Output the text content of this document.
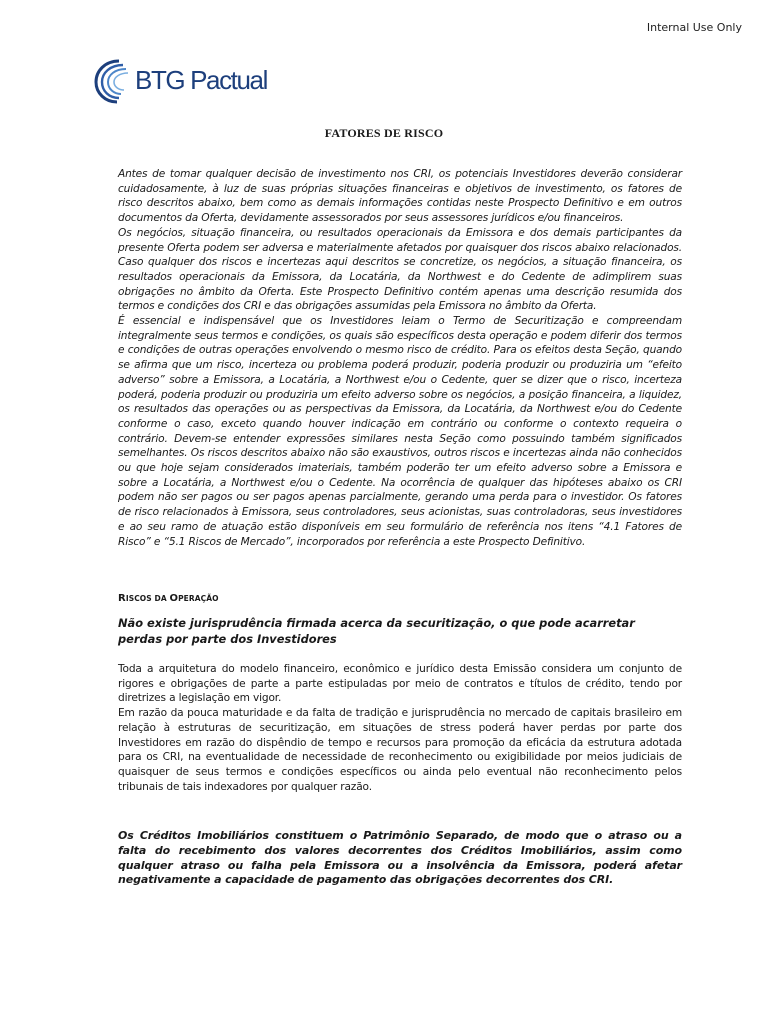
Internal Use Only
BTG Pactual
FATORES DE RISCO

Antes de tomar qualquer decisão de investimento nos CRI, os potenciais Investidores deverão considerar cuidadosamente, à luz de suas próprias situações financeiras e objetivos de investimento, os fatores de risco descritos abaixo, bem como as demais informações contidas neste Prospecto Definitivo e em outros documentos da Oferta, devidamente assessorados por seus assessores jurídicos e/ou financeiros.

Os negócios, situação financeira, ou resultados operacionais da Emissora e dos demais participantes da presente Oferta podem ser adversa e materialmente afetados por quaisquer dos riscos abaixo relacionados. Caso qualquer dos riscos e incertezas aqui descritos se concretize, os negócios, a situação financeira, os resultados operacionais da Emissora, da Locatária, da Northwest e do Cedente de adimplirem suas obrigações no âmbito da Oferta. Este Prospecto Definitivo contém apenas uma descrição resumida dos termos e condições dos CRI e das obrigações assumidas pela Emissora no âmbito da Oferta.

É essencial e indispensável que os Investidores leiam o Termo de Securitização e compreendam integralmente seus termos e condições, os quais são específicos desta operação e podem diferir dos termos e condições de outras operações envolvendo o mesmo risco de crédito. Para os efeitos desta Seção, quando se afirma que um risco, incerteza ou problema poderá produzir, poderia produzir ou produziria um “efeito adverso” sobre a Emissora, a Locatária, a Northwest e/ou o Cedente, quer se dizer que o risco, incerteza poderá, poderia produzir ou produziria um efeito adverso sobre os negócios, a posição financeira, a liquidez, os resultados das operações ou as perspectivas da Emissora, da Locatária, da Northwest e/ou do Cedente conforme o caso, exceto quando houver indicação em contrário ou conforme o contexto requeira o contrário. Devem-se entender expressões similares nesta Seção como possuindo também significados semelhantes. Os riscos descritos abaixo não são exaustivos, outros riscos e incertezas ainda não conhecidos ou que hoje sejam considerados imateriais, também poderão ter um efeito adverso sobre a Emissora e sobre a Locatária, a Northwest e/ou o Cedente. Na ocorrência de qualquer das hipóteses abaixo os CRI podem não ser pagos ou ser pagos apenas parcialmente, gerando uma perda para o investidor. Os fatores de risco relacionados à Emissora, seus controladores, seus acionistas, suas controladoras, seus investidores e ao seu ramo de atuação estão disponíveis em seu formulário de referência nos itens “4.1 Fatores de Risco” e “5.1 Riscos de Mercado”, incorporados por referência a este Prospecto Definitivo.

RISCOS DA OPERAÇÃO
Não existe jurisprudência firmada acerca da securitização, o que pode acarretar perdas por parte dos Investidores

Toda a arquitetura do modelo financeiro, econômico e jurídico desta Emissão considera um conjunto de rigores e obrigações de parte a parte estipuladas por meio de contratos e títulos de crédito, tendo por diretrizes a legislação em vigor.

Em razão da pouca maturidade e da falta de tradição e jurisprudência no mercado de capitais brasileiro em relação à estruturas de securitização, em situações de stress poderá haver perdas por parte dos Investidores em razão do dispêndio de tempo e recursos para promoção da eficácia da estrutura adotada para os CRI, na eventualidade de necessidade de reconhecimento ou exigibilidade por meios judiciais de quaisquer de seus termos e condições específicos ou ainda pelo eventual não reconhecimento pelos tribunais de tais indexadores por qualquer razão.

Os Créditos Imobiliários constituem o Patrimônio Separado, de modo que o atraso ou a falta do recebimento dos valores decorrentes dos Créditos Imobiliários, assim como qualquer atraso ou falha pela Emissora ou a insolvência da Emissora, poderá afetar negativamente a capacidade de pagamento das obrigações decorrentes dos CRI.
